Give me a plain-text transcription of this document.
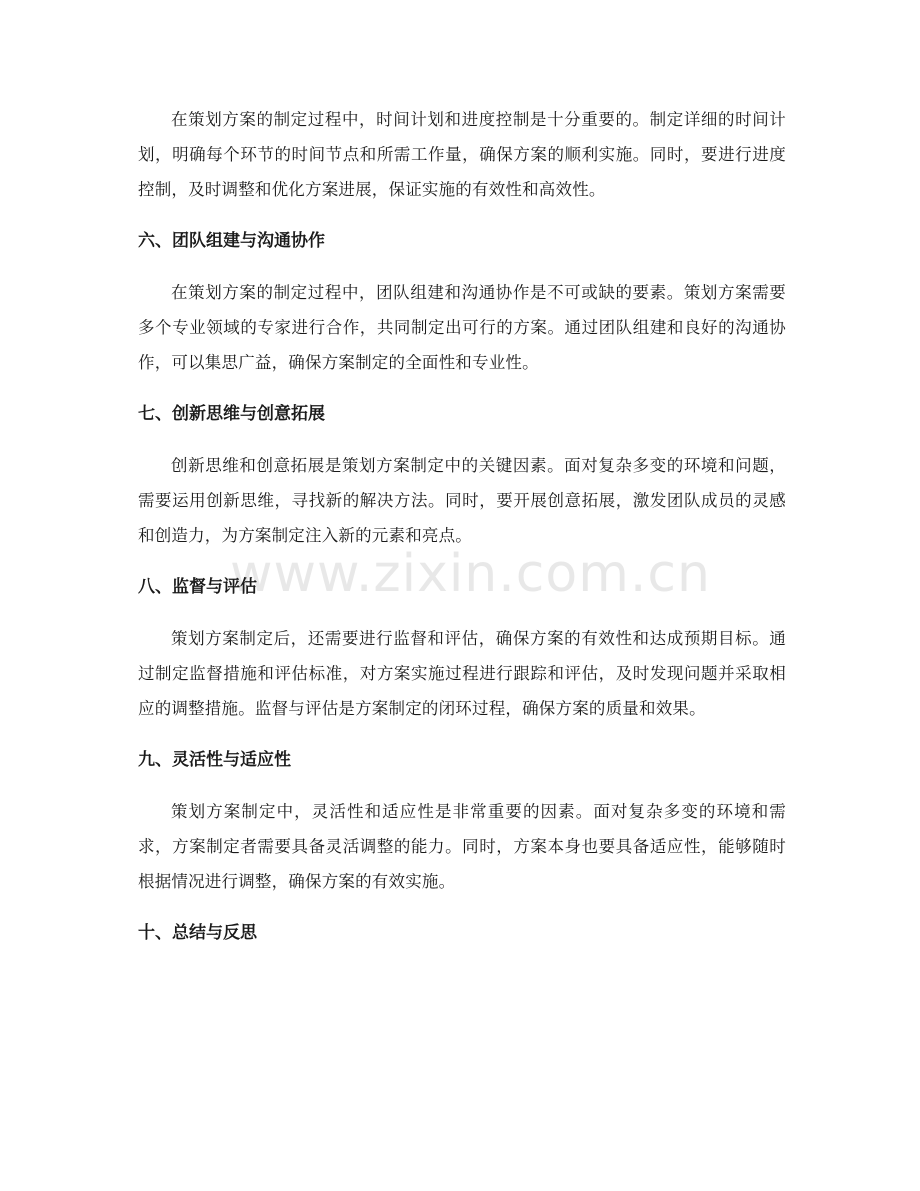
www.zixin.com.cn

在策划方案的制定过程中，时间计划和进度控制是十分重要的。制定详细的时间计划，明确每个环节的时间节点和所需工作量，确保方案的顺利实施。同时，要进行进度控制，及时调整和优化方案进展，保证实施的有效性和高效性。

六、团队组建与沟通协作

在策划方案的制定过程中，团队组建和沟通协作是不可或缺的要素。策划方案需要多个专业领域的专家进行合作，共同制定出可行的方案。通过团队组建和良好的沟通协作，可以集思广益，确保方案制定的全面性和专业性。

七、创新思维与创意拓展

创新思维和创意拓展是策划方案制定中的关键因素。面对复杂多变的环境和问题，需要运用创新思维，寻找新的解决方法。同时，要开展创意拓展，激发团队成员的灵感和创造力，为方案制定注入新的元素和亮点。

八、监督与评估

策划方案制定后，还需要进行监督和评估，确保方案的有效性和达成预期目标。通过制定监督措施和评估标准，对方案实施过程进行跟踪和评估，及时发现问题并采取相应的调整措施。监督与评估是方案制定的闭环过程，确保方案的质量和效果。

九、灵活性与适应性

策划方案制定中，灵活性和适应性是非常重要的因素。面对复杂多变的环境和需求，方案制定者需要具备灵活调整的能力。同时，方案本身也要具备适应性，能够随时根据情况进行调整，确保方案的有效实施。

十、总结与反思
